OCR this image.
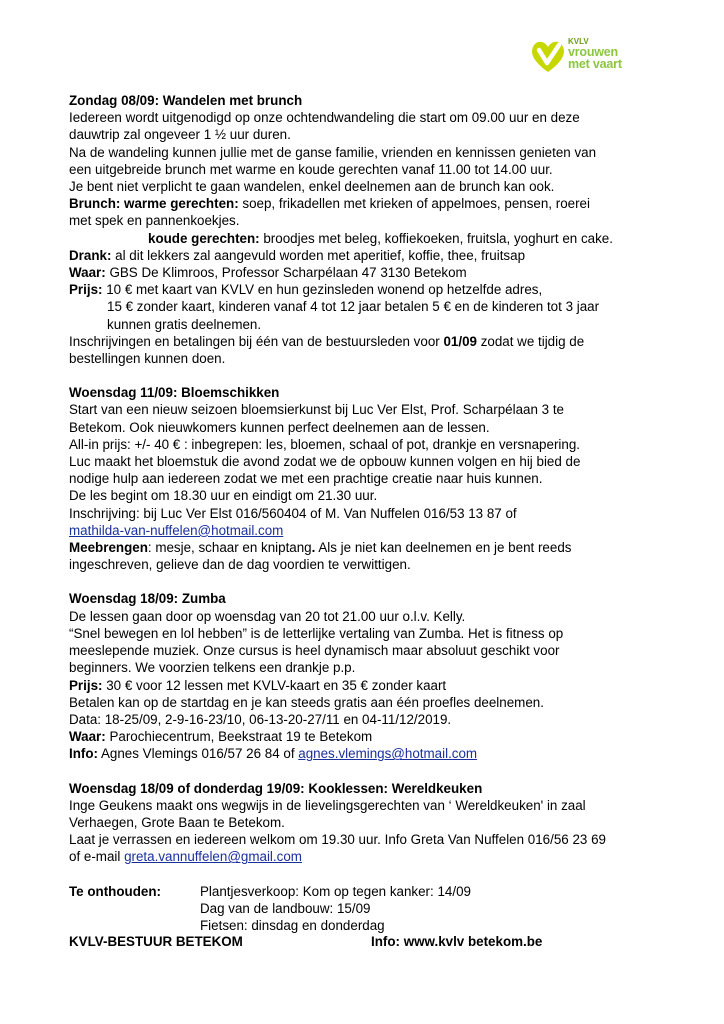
KVLV
vrouwen
met vaart

Zondag 08/09: Wandelen met brunch

Iedereen wordt uitgenodigd op onze ochtendwandeling die start om 09.00 uur en deze

dauwtrip zal ongeveer 1 ½ uur duren.

Na de wandeling kunnen jullie met de ganse familie, vrienden en kennissen genieten van

een uitgebreide brunch met warme en koude gerechten vanaf 11.00 tot 14.00 uur.

Je bent niet verplicht te gaan wandelen, enkel deelnemen aan de brunch kan ook.

Brunch: warme gerechten: soep, frikadellen met krieken of appelmoes, pensen, roerei

met spek en pannenkoekjes.

koude gerechten: broodjes met beleg, koffiekoeken, fruitsla, yoghurt en cake.

Drank: al dit lekkers zal aangevuld worden met aperitief, koffie, thee, fruitsap

Waar: GBS De Klimroos, Professor Scharpélaan 47 3130 Betekom

Prijs: 10 € met kaart van KVLV en hun gezinsleden wonend op hetzelfde adres,

15 € zonder kaart, kinderen vanaf 4 tot 12 jaar betalen 5 € en de kinderen tot 3 jaar

kunnen gratis deelnemen.

Inschrijvingen en betalingen bij één van de bestuursleden voor 01/09 zodat we tijdig de

bestellingen kunnen doen.

Woensdag 11/09: Bloemschikken

Start van een nieuw seizoen bloemsierkunst bij Luc Ver Elst, Prof. Scharpélaan 3 te

Betekom. Ook nieuwkomers kunnen perfect deelnemen aan de lessen.

All-in prijs: +/- 40 € : inbegrepen: les, bloemen, schaal of pot, drankje en versnapering.

Luc maakt het bloemstuk die avond zodat we de opbouw kunnen volgen en hij bied de

nodige hulp aan iedereen zodat we met een prachtige creatie naar huis kunnen.

De les begint om 18.30 uur en eindigt om 21.30 uur.

Inschrijving: bij Luc Ver Elst 016/560404 of M. Van Nuffelen 016/53 13 87 of

mathilda-van-nuffelen@hotmail.com

Meebrengen: mesje, schaar en kniptang. Als je niet kan deelnemen en je bent reeds

ingeschreven, gelieve dan de dag voordien te verwittigen.

Woensdag 18/09: Zumba

De lessen gaan door op woensdag van 20 tot 21.00 uur o.l.v. Kelly.

“Snel bewegen en lol hebben” is de letterlijke vertaling van Zumba. Het is fitness op

meeslepende muziek. Onze cursus is heel dynamisch maar absoluut geschikt voor

beginners. We voorzien telkens een drankje p.p.

Prijs: 30 € voor 12 lessen met KVLV-kaart en 35 € zonder kaart

Betalen kan op de startdag en je kan steeds gratis aan één proefles deelnemen.

Data: 18-25/09, 2-9-16-23/10, 06-13-20-27/11 en 04-11/12/2019.

Waar: Parochiecentrum, Beekstraat 19 te Betekom

Info: Agnes Vlemings 016/57 26 84 of agnes.vlemings@hotmail.com

Woensdag 18/09 of donderdag 19/09: Kooklessen: Wereldkeuken

Inge Geukens maakt ons wegwijs in de lievelingsgerechten van ‘ Wereldkeuken' in zaal

Verhaegen, Grote Baan te Betekom.

Laat je verrassen en iedereen welkom om 19.30 uur. Info Greta Van Nuffelen 016/56 23 69

of e-mail greta.vannuffelen@gmail.com

Te onthouden:	Plantjesverkoop: Kom op tegen kanker: 14/09
Dag van de landbouw: 15/09
Fietsen: dinsdag en donderdag
KVLV-BESTUUR BETEKOM	Info: www.kvlv betekom.be
